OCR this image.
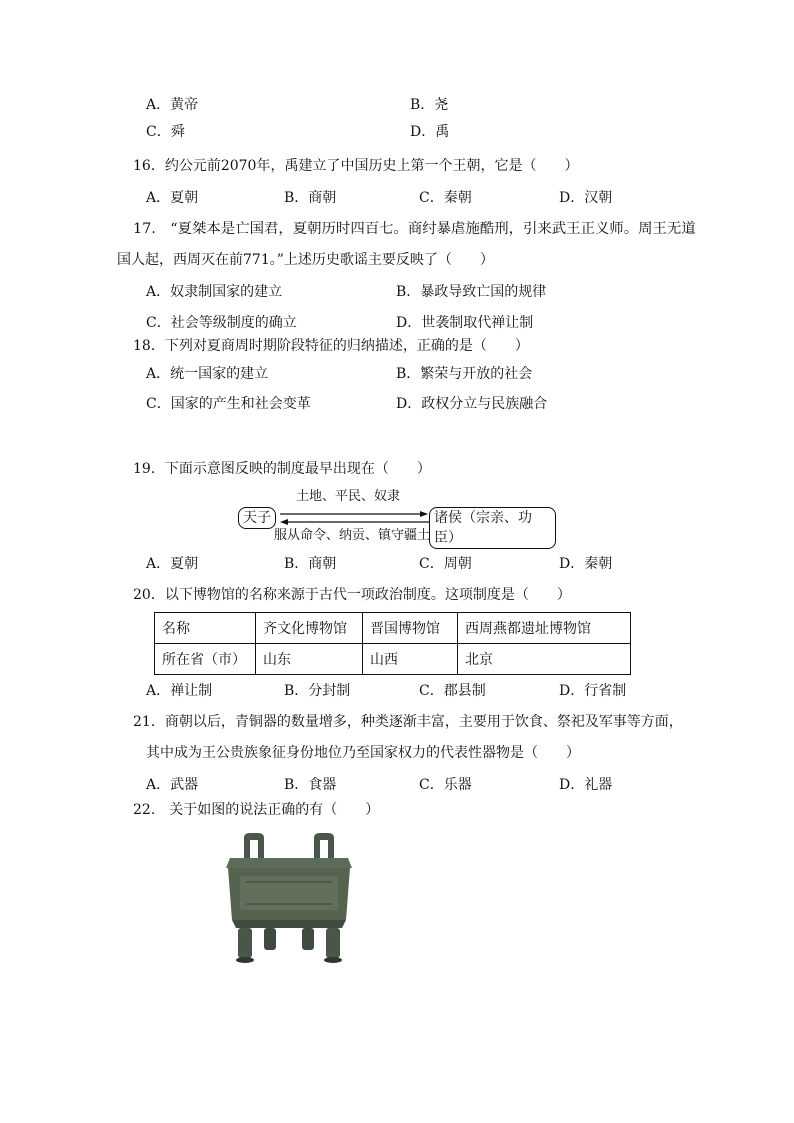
A．黄帝	B．尧
C．舜	D．禹
16．约公元前2070年，禹建立了中国历史上第一个王朝，它是（　　）
A．夏朝	B．商朝	C．秦朝	D．汉朝
17.　“夏桀本是亡国君，夏朝历时四百七。商纣暴虐施酷刑，引来武王正义师。周王无道
国人起，西周灭在前771。”上述历史歌谣主要反映了（　　）
A．奴隶制国家的建立	B．暴政导致亡国的规律
C．社会等级制度的确立	D．世袭制取代禅让制
18．下列对夏商周时期阶段特征的归纳描述，正确的是（　　）
A．统一国家的建立	B．繁荣与开放的社会
C．国家的产生和社会变革	D．政权分立与民族融合
19．下面示意图反映的制度最早出现在（　　）
土地、平民、奴隶
天子	诸侯（宗亲、功臣）
服从命令、纳贡、镇守疆土
A．夏朝	B．商朝	C．周朝	D．秦朝
20．以下博物馆的名称来源于古代一项政治制度。这项制度是（　　）
名称	齐文化博物馆	晋国博物馆	西周燕都遗址博物馆
所在省（市）	山东	山西	北京
A．禅让制	B．分封制	C．郡县制	D．行省制
21．商朝以后，青铜器的数量增多，种类逐渐丰富，主要用于饮食、祭祀及军事等方面，
其中成为王公贵族象征身份地位乃至国家权力的代表性器物是（　　）
A．武器	B．食器	C．乐器	D．礼器
22.　关于如图的说法正确的有（　　）
